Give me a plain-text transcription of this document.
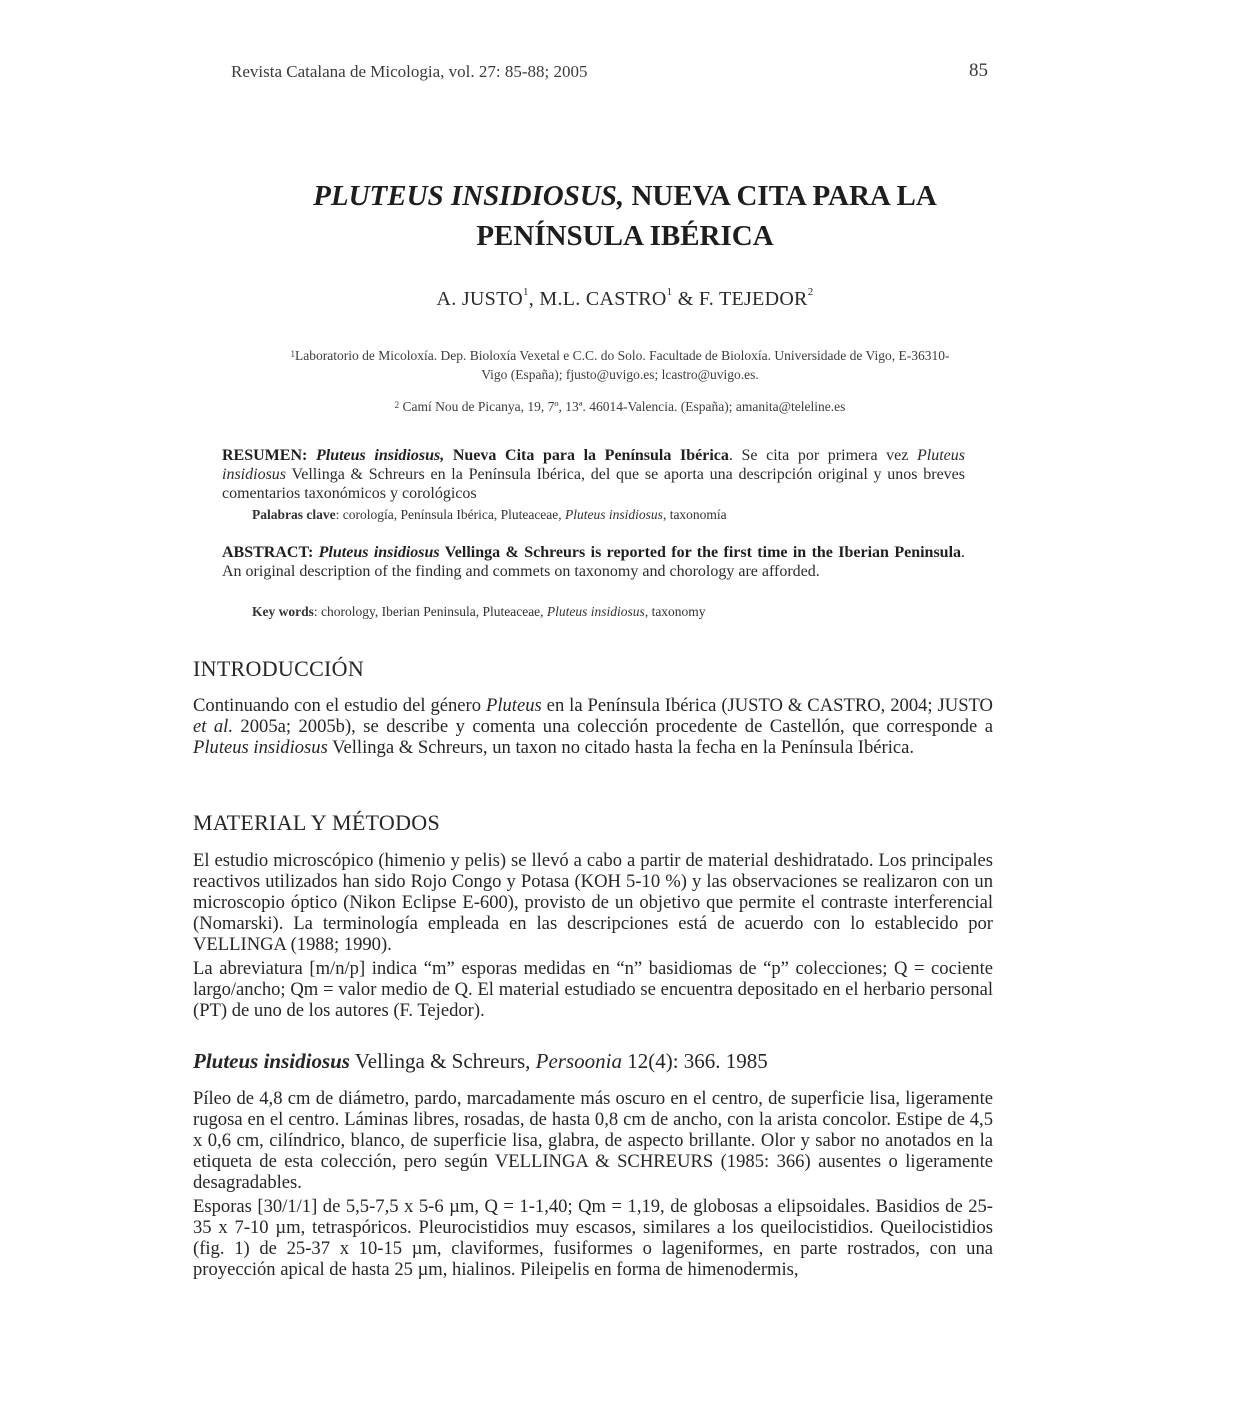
Revista Catalana de Micologia, vol. 27: 85-88; 2005	85
PLUTEUS INSIDIOSUS, NUEVA CITA PARA LA
PENÍNSULA IBÉRICA
A. JUSTO$^1$, M.L. CASTRO$^1$ & F. TEJEDOR$^2$
$^1$Laboratorio de Micoloxía. Dep. Bioloxía Vexetal e C.C. do Solo. Facultade de Bioloxía. Universidade de Vigo, E-36310-
Vigo (España); fjusto@uvigo.es; lcastro@uvigo.es.
$^2$ Camí Nou de Picanya, 19, 7º, 13ª. 46014-Valencia. (España); amanita@teleline.es
RESUMEN: Pluteus insidiosus, Nueva Cita para la Península Ibérica. Se cita por primera vez Pluteus insidiosus Vellinga & Schreurs en la Península Ibérica, del que se aporta una descripción original y unos breves comentarios taxonómicos y corológicos
Palabras clave: corología, Península Ibérica, Pluteaceae, Pluteus insidiosus, taxonomía
ABSTRACT: Pluteus insidiosus Vellinga & Schreurs is reported for the first time in the Iberian Peninsula. An original description of the finding and commets on taxonomy and chorology are afforded.
Key words: chorology, Iberian Peninsula, Pluteaceae, Pluteus insidiosus, taxonomy
INTRODUCCIÓN
Continuando con el estudio del género Pluteus en la Península Ibérica (JUSTO & CASTRO, 2004; JUSTO et al. 2005a; 2005b), se describe y comenta una colección procedente de Castellón, que corresponde a Pluteus insidiosus Vellinga & Schreurs, un taxon no citado hasta la fecha en la Península Ibérica.
MATERIAL Y MÉTODOS
El estudio microscópico (himenio y pelis) se llevó a cabo a partir de material deshidratado. Los principales reactivos utilizados han sido Rojo Congo y Potasa (KOH 5-10 %) y las observaciones se realizaron con un microscopio óptico (Nikon Eclipse E-600), provisto de un objetivo que permite el contraste interferencial (Nomarski). La terminología empleada en las descripciones está de acuerdo con lo establecido por VELLINGA (1988; 1990).
La abreviatura [m/n/p] indica “m” esporas medidas en “n” basidiomas de “p” colecciones; Q = cociente largo/ancho; Qm = valor medio de Q. El material estudiado se encuentra depositado en el herbario personal (PT) de uno de los autores (F. Tejedor).
Pluteus insidiosus Vellinga & Schreurs, Persoonia 12(4): 366. 1985
Píleo de 4,8 cm de diámetro, pardo, marcadamente más oscuro en el centro, de superficie lisa, ligeramente rugosa en el centro. Láminas libres, rosadas, de hasta 0,8 cm de ancho, con la arista concolor. Estipe de 4,5 x 0,6 cm, cilíndrico, blanco, de superficie lisa, glabra, de aspecto brillante. Olor y sabor no anotados en la etiqueta de esta colección, pero según VELLINGA & SCHREURS (1985: 366) ausentes o ligeramente desagradables.
Esporas [30/1/1] de 5,5-7,5 x 5-6 µm, Q = 1-1,40; Qm = 1,19, de globosas a elipsoidales. Basidios de 25-35 x 7-10 µm, tetraspóricos. Pleurocistidios muy escasos, similares a los queilocistidios. Queilocistidios (fig. 1) de 25-37 x 10-15 µm, claviformes, fusiformes o lageniformes, en parte rostrados, con una proyección apical de hasta 25 µm, hialinos. Pileipelis en forma de himenodermis,
